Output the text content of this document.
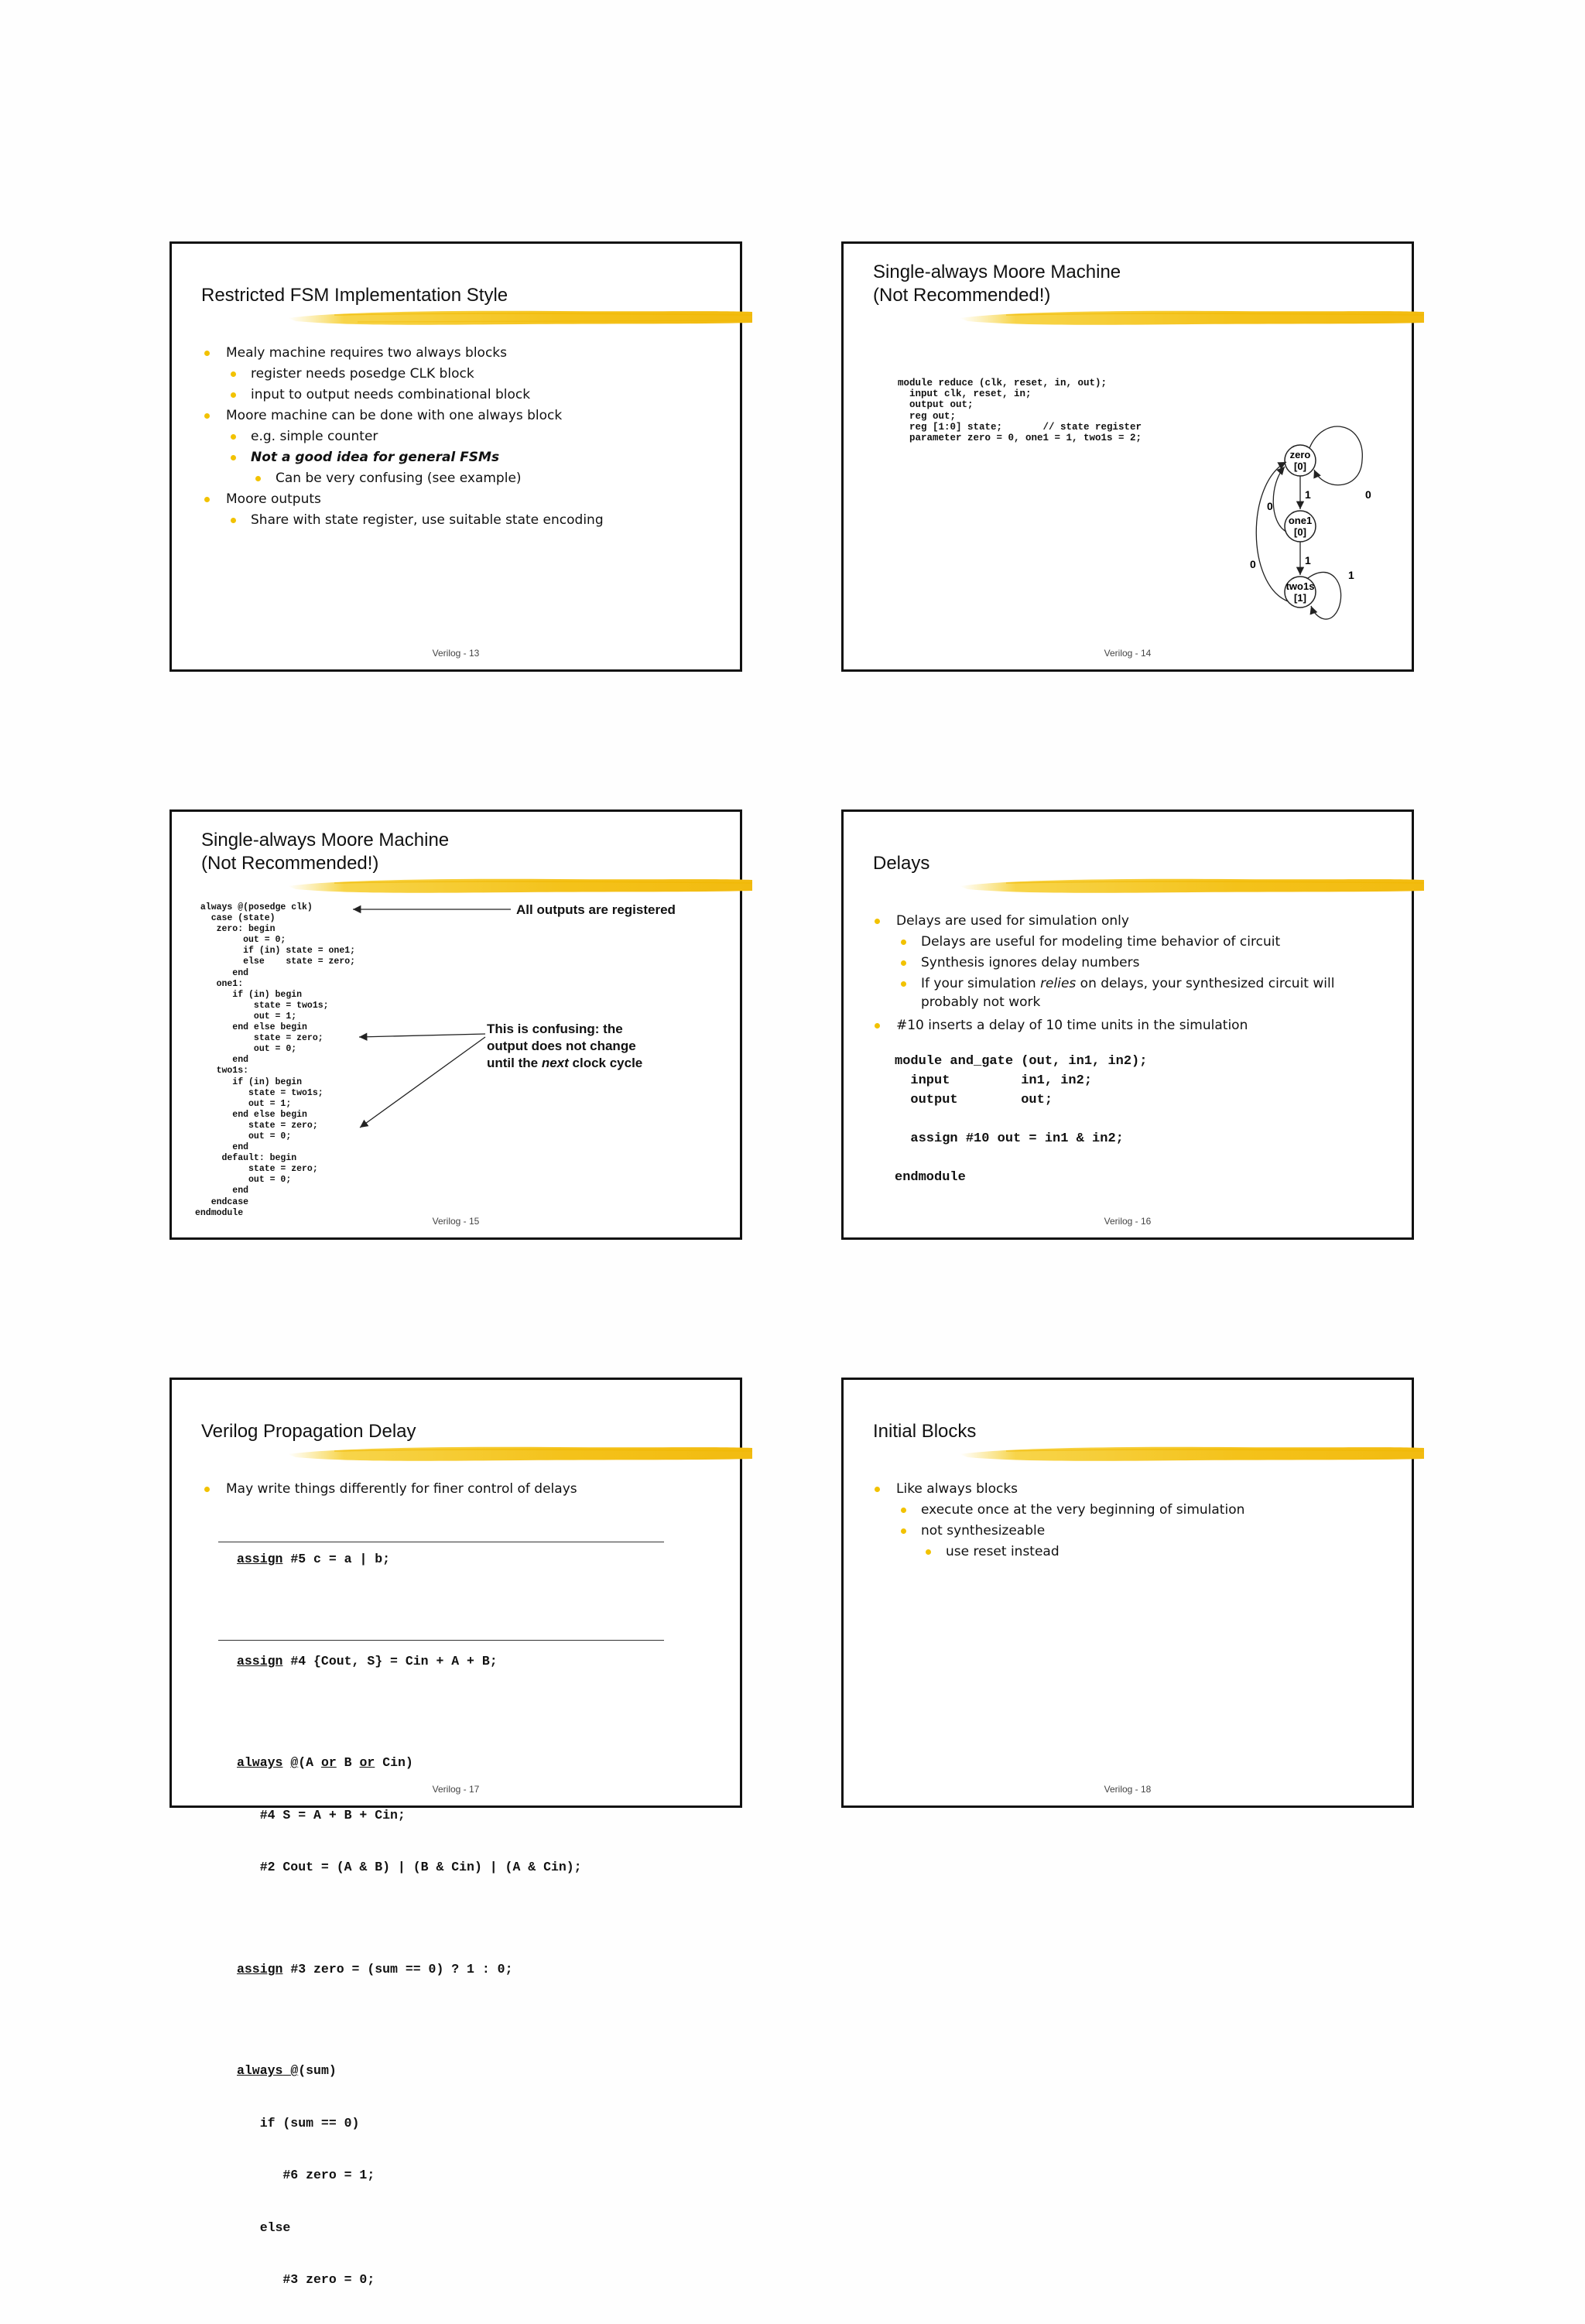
Restricted FSM Implementation Style
Mealy machine requires two always blocks
register needs posedge CLK block
input to output needs combinational block
Moore machine can be done with one always block
e.g. simple counter
Not a good idea for general FSMs
Can be very confusing (see example)
Moore outputs
Share with state register, use suitable state encoding
Verilog - 13
Single-always Moore Machine
(Not Recommended!)
module reduce (clk, reset, in, out);
input clk, reset, in;
output out;
reg out;
reg [1:0] state;       // state register
parameter zero = 0, one1 = 1, two1s = 2;
zero
[0]
one1
[0]
two1s
[1]
0
1
0
1
0
1
Verilog - 14
Single-always Moore Machine
(Not Recommended!)
always @(posedge clk)
case (state)
zero: begin
out = 0;
if (in) state = one1;
else    state = zero;
end
one1:
if (in) begin
state = two1s;
out = 1;
end else begin
state = zero;
out = 0;
end
two1s:
if (in) begin
state = two1s;
out = 1;
end else begin
state = zero;
out = 0;
end
default: begin
state = zero;
out = 0;
end
endcase
endmodule
All outputs are registered
This is confusing: the
output does not change
until the next clock cycle
Verilog - 15
Delays
Delays are used for simulation only
Delays are useful for modeling time behavior of circuit
Synthesis ignores delay numbers
If your simulation relies on delays, your synthesized circuit will
probably not work
#10 inserts a delay of 10 time units in the simulation
module and_gate (out, in1, in2);
input         in1, in2;
output        out;

assign #10 out = in1 & in2;

endmodule
Verilog - 16
Verilog Propagation Delay
May write things differently for finer control of delays

assign #5 c = a | b;

assign #4 {Cout, S} = Cin + A + B;

always @(A or B or Cin)

#4 S = A + B + Cin;

#2 Cout = (A & B) | (B & Cin) | (A & Cin);

assign #3 zero = (sum == 0) ? 1 : 0;

always @(sum)

if (sum == 0)

#6 zero = 1;

else

#3 zero = 0;

Verilog - 17
Initial Blocks
Like always blocks
execute once at the very beginning of simulation
not synthesizeable
use reset instead
Verilog - 18
